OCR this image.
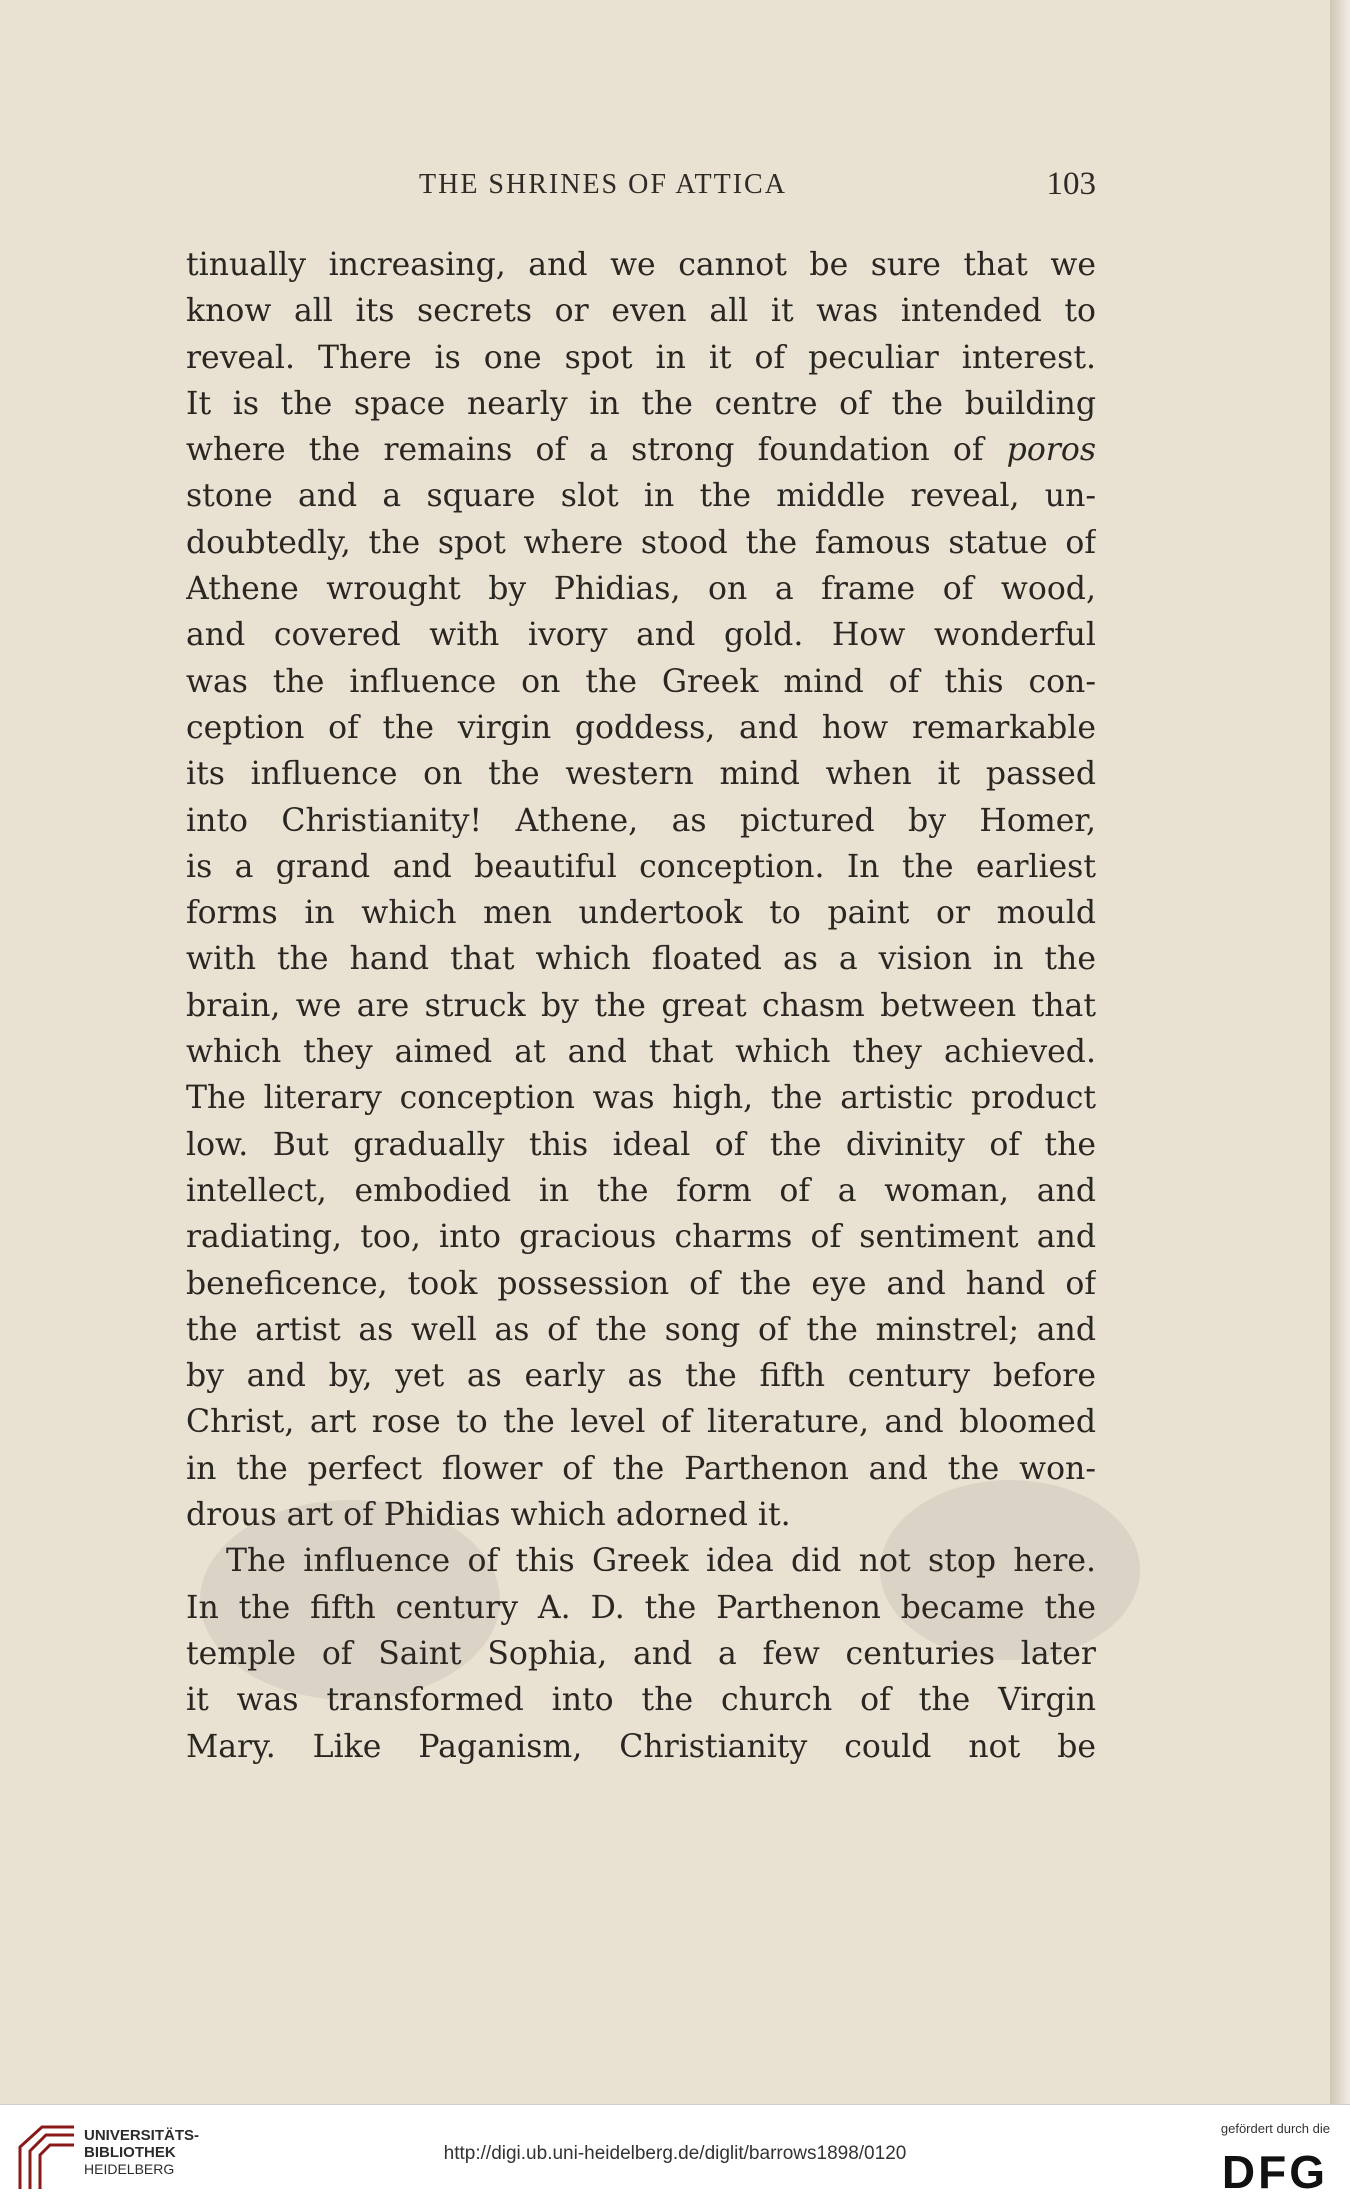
THE SHRINES OF ATTICA	103
tinually increasing, and we cannot be sure that we
know all its secrets or even all it was intended to
reveal. There is one spot in it of peculiar interest.
It is the space nearly in the centre of the building
where the remains of a strong foundation of poros
stone and a square slot in the middle reveal, un-
doubtedly, the spot where stood the famous statue of
Athene wrought by Phidias, on a frame of wood,
and covered with ivory and gold. How wonderful
was the influence on the Greek mind of this con-
ception of the virgin goddess, and how remarkable
its influence on the western mind when it passed
into Christianity! Athene, as pictured by Homer,
is a grand and beautiful conception. In the earliest
forms in which men undertook to paint or mould
with the hand that which floated as a vision in the
brain, we are struck by the great chasm between that
which they aimed at and that which they achieved.
The literary conception was high, the artistic product
low. But gradually this ideal of the divinity of the
intellect, embodied in the form of a woman, and
radiating, too, into gracious charms of sentiment and
beneficence, took possession of the eye and hand of
the artist as well as of the song of the minstrel; and
by and by, yet as early as the fifth century before
Christ, art rose to the level of literature, and bloomed
in the perfect flower of the Parthenon and the won-
drous art of Phidias which adorned it.
The influence of this Greek idea did not stop here.
In the fifth century A. D. the Parthenon became the
temple of Saint Sophia, and a few centuries later
it was transformed into the church of the Virgin
Mary. Like Paganism, Christianity could not be
UNIVERSITÄTS-
BIBLIOTHEK
HEIDELBERG
http://digi.ub.uni-heidelberg.de/diglit/barrows1898/0120
gefördert durch die
DFG
